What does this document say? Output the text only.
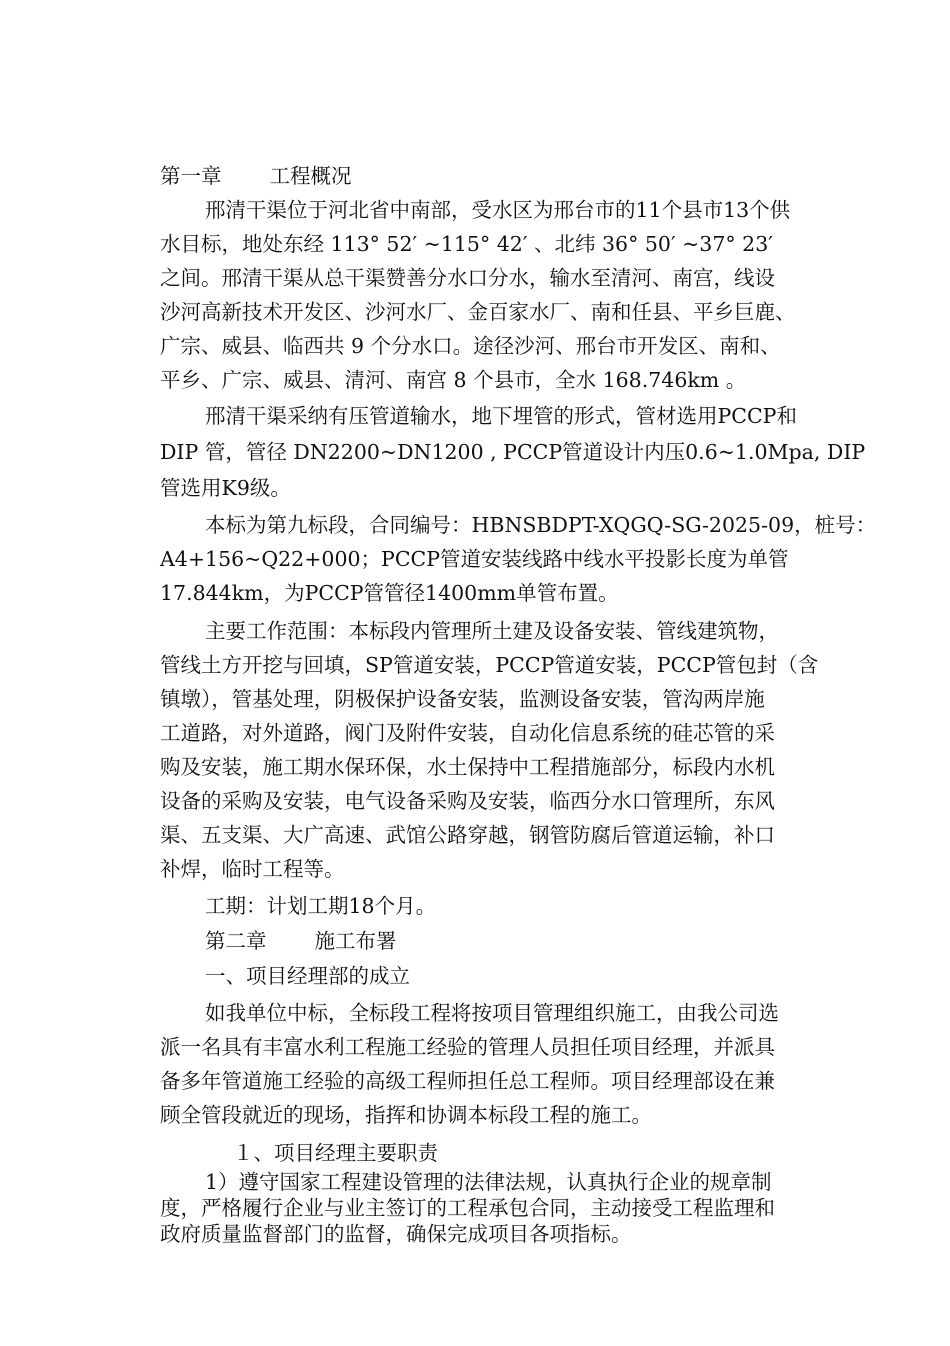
第一章 工程概况
邢清干渠位于河北省中南部，受水区为邢台市的11个县市13个供
水目标，地处东经 113° 52′ ~115° 42′ 、北纬 36° 50′ ~37° 23′
之间。邢清干渠从总干渠赞善分水口分水，输水至清河、南宫，线设
沙河高新技术开发区、沙河水厂、金百家水厂、南和任县、平乡巨鹿、
广宗、威县、临西共 9 个分水口。途径沙河、邢台市开发区、南和、
平乡、广宗、威县、清河、南宫 8 个县市，全水 168.746km 。
邢清干渠采纳有压管道输水，地下埋管的形式，管材选用PCCP和
DIP 管，管径 DN2200~DN1200 , PCCP管道设计内压0.6~1.0Mpa, DIP
管选用K9级。
本标为第九标段，合同编号：HBNSBDPT-XQGQ-SG-2025-09，桩号：
A4+156~Q22+000；PCCP管道安装线路中线水平投影长度为单管
17.844km，为PCCP管管径1400mm单管布置。
主要工作范围：本标段内管理所土建及设备安装、管线建筑物，
管线土方开挖与回填，SP管道安装，PCCP管道安装，PCCP管包封（含
镇墩），管基处理，阴极保护设备安装，监测设备安装，管沟两岸施
工道路，对外道路，阀门及附件安装，自动化信息系统的硅芯管的采
购及安装，施工期水保环保，水土保持中工程措施部分，标段内水机
设备的采购及安装，电气设备采购及安装，临西分水口管理所，东风
渠、五支渠、大广高速、武馆公路穿越，钢管防腐后管道运输，补口
补焊，临时工程等。
工期：计划工期18个月。
第二章 施工布署
一、项目经理部的成立
如我单位中标，全标段工程将按项目管理组织施工，由我公司选
派一名具有丰富水利工程施工经验的管理人员担任项目经理，并派具
备多年管道施工经验的高级工程师担任总工程师。项目经理部设在兼
顾全管段就近的现场，指挥和协调本标段工程的施工。
１、项目经理主要职责
1）遵守国家工程建设管理的法律法规，认真执行企业的规章制
度，严格履行企业与业主签订的工程承包合同，主动接受工程监理和
政府质量监督部门的监督，确保完成项目各项指标。
